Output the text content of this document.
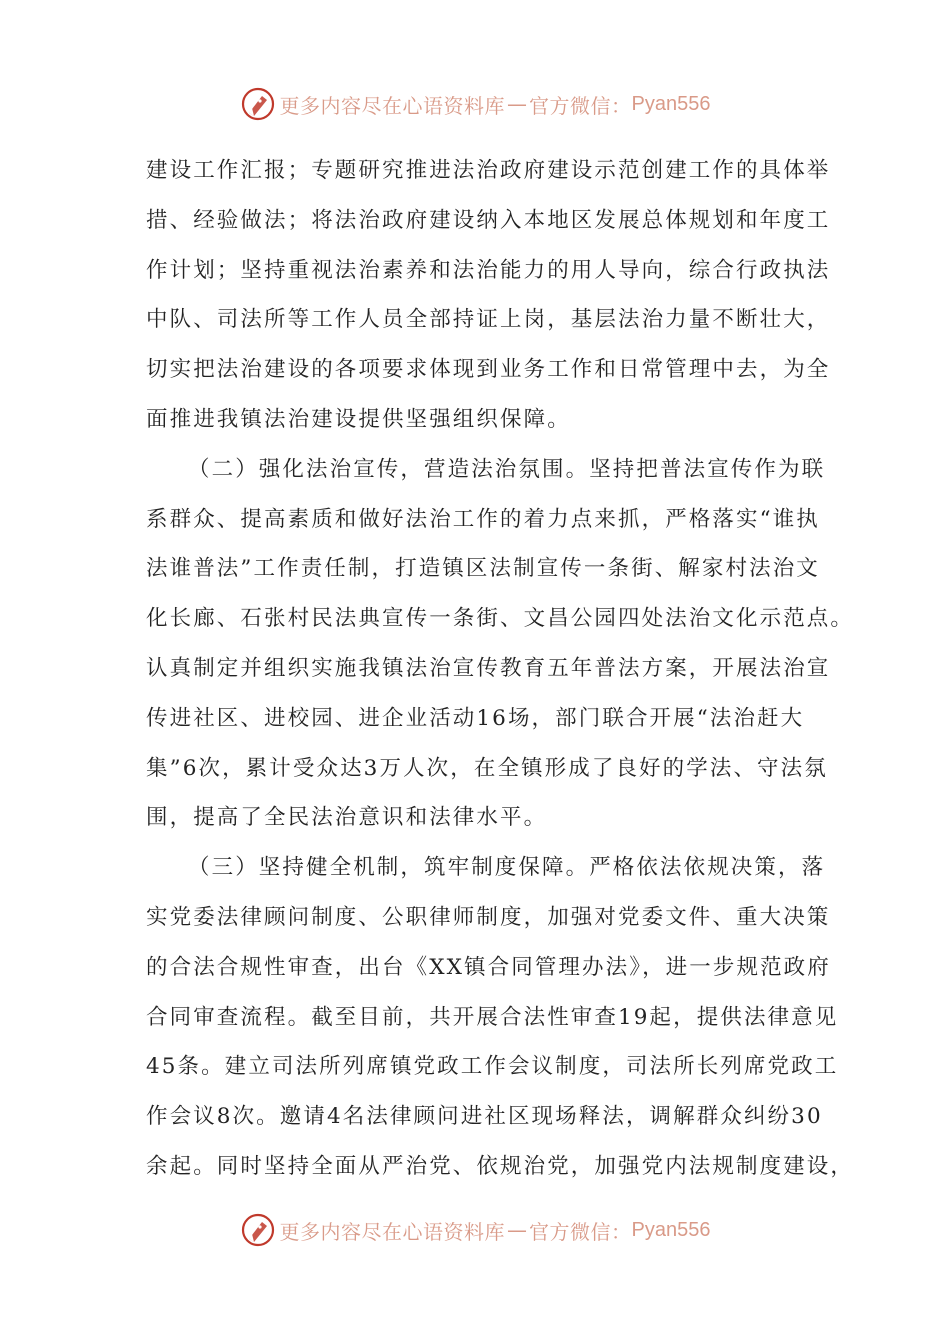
更多内容尽在心语资料库 — 官方微信： Pyan556
建设工作汇报；专题研究推进法治政府建设示范创建工作的具体举
措、经验做法；将法治政府建设纳入本地区发展总体规划和年度工
作计划；坚持重视法治素养和法治能力的用人导向，综合行政执法
中队、司法所等工作人员全部持证上岗，基层法治力量不断壮大，
切实把法治建设的各项要求体现到业务工作和日常管理中去，为全
面推进我镇法治建设提供坚强组织保障。
（二）强化法治宣传，营造法治氛围。坚持把普法宣传作为联
系群众、提高素质和做好法治工作的着力点来抓，严格落实“谁执
法谁普法”工作责任制，打造镇区法制宣传一条街、解家村法治文
化长廊、石张村民法典宣传一条街、文昌公园四处法治文化示范点。
认真制定并组织实施我镇法治宣传教育五年普法方案，开展法治宣
传进社区、进校园、进企业活动16场，部门联合开展“法治赶大
集”6次，累计受众达3万人次，在全镇形成了良好的学法、守法氛
围，提高了全民法治意识和法律水平。
（三）坚持健全机制，筑牢制度保障。严格依法依规决策，落
实党委法律顾问制度、公职律师制度，加强对党委文件、重大决策
的合法合规性审查，出台《XX镇合同管理办法》，进一步规范政府
合同审查流程。截至目前，共开展合法性审查19起，提供法律意见
45条。建立司法所列席镇党政工作会议制度，司法所长列席党政工
作会议8次。邀请4名法律顾问进社区现场释法，调解群众纠纷30
余起。同时坚持全面从严治党、依规治党，加强党内法规制度建设，
更多内容尽在心语资料库 — 官方微信： Pyan556
